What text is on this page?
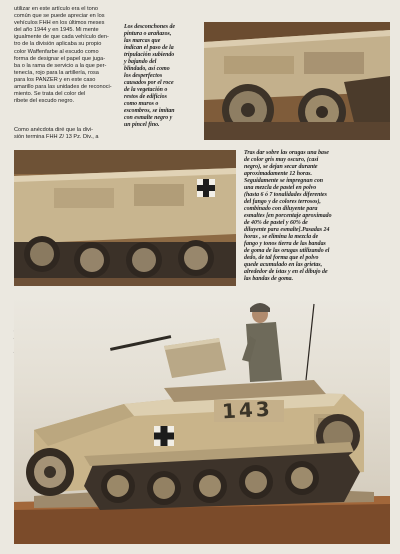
utilizar en este artículo era el tono
común que se puede apreciar en los
vehículos FHH en los últimos meses
del año 1944 y en 1945. Mi mente
igualmente de que cada vehículo den-
tro de la división aplicaba su propio
color Waffenfarbe al escudo como
forma de designar el papel que juga-
ba o la rama de servicio a la que per-
tenecía, rojo para la artillería, rosa
para los PANZER y en este caso
amarillo para las unidades de reconoci-
miento. Se trata del color del
ribete del escudo negro.

Como anécdota diré que la divi-
sión termina FHH Z/ 13 Pz. Div., a

Los desconchones de
pintura o arañazos,
las marcas que
indican el paso de la
tripulación subiendo
y bajando del
blindado, así como
los desperfectos
causados por el roce
de la vegetación o
restos de edificios
como muros o
escombros, se imitan
con esmalte negro y
un pincel fino.

Tras dar sobre las orugas una base
de color gris muy oscuro, (casi
negro), se dejan secar durante
aproximadamente 12 horas.
Seguidamente se impregnan con
una mezcla de pastel en polvo
(hasta 6 ó 7 tonalidades diferentes
del fango y de colores terrosos),
combinado con diluyente para
esmaltes [en porcentaje aproximado
de 40% de pastel y 60% de
diluyente para esmalte].Pasadas 24
horas , se elimina la mezcla de
fango y tonos tierra de las bandas
de goma de las orugas utilizando el
dedo, de tal forma que el polvo
quede acumulado en las grietas,
alrededor de ístas y en el dibujo de
las bandas de goma.

143
